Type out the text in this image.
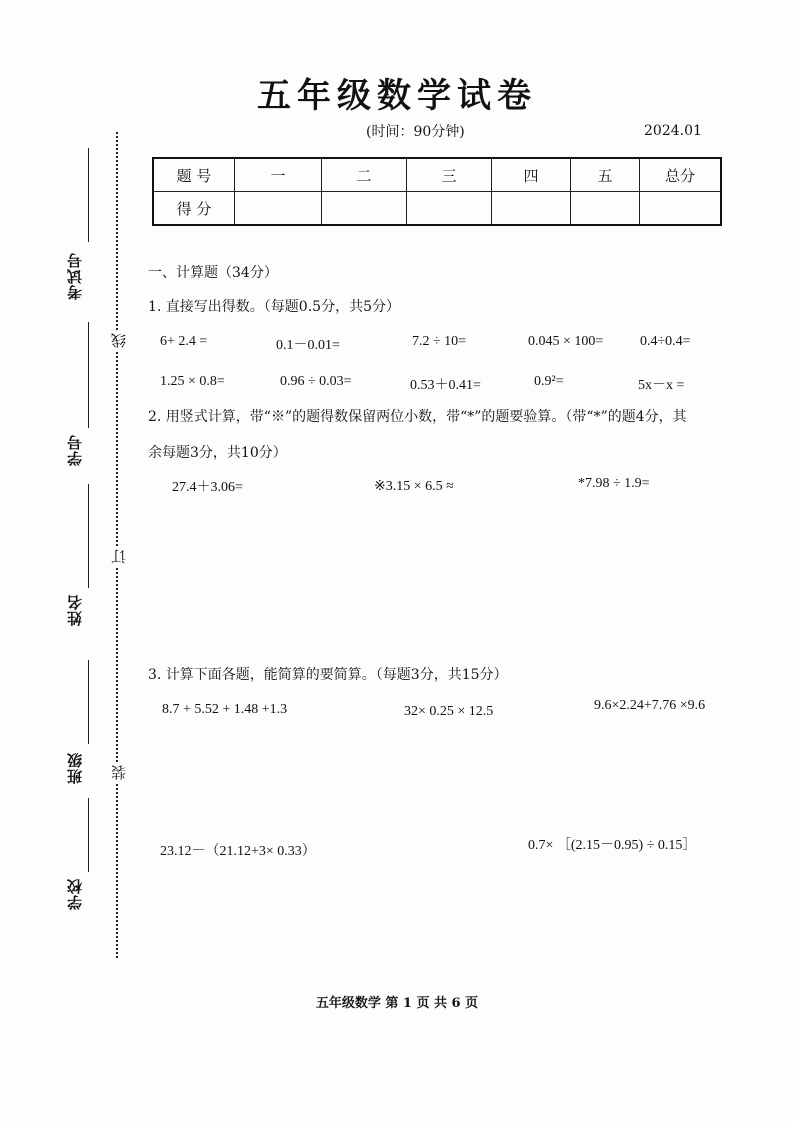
考试号
学号
姓名
班级
学校
线
订
装
五年级数学试卷
(时间：90分钟)	2024.01
题 号	一	二	三	四	五	总分
得 分						
一、计算题（34分）
1. 直接写出得数。（每题0.5分，共5分）
6+ 2.4 =	0.1－0.01=	7.2 ÷ 10=	0.045 × 100=	0.4÷0.4=
1.25 × 0.8=	0.96 ÷ 0.03=	0.53＋0.41=	0.9²=	5x－x =
2. 用竖式计算，带“※”的题得数保留两位小数，带“*”的题要验算。（带“*”的题4分，其
余每题3分，共10分）
27.4＋3.06=	※3.15 × 6.5 ≈	*7.98 ÷ 1.9=
3. 计算下面各题，能简算的要简算。（每题3分，共15分）
8.7 + 5.52 + 1.48 +1.3	32× 0.25 × 12.5	9.6×2.24+7.76 ×9.6
23.12－（21.12+3× 0.33）	0.7× ［(2.15－0.95) ÷ 0.15］
五年级数学 第 1 页 共 6 页
